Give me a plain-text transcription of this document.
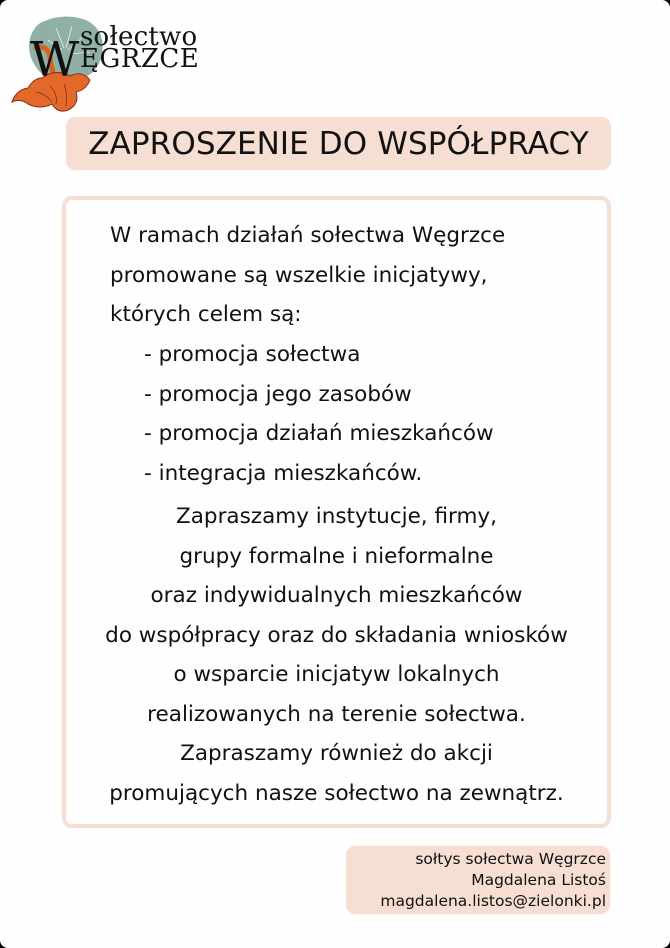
sołectwo
W ĘGRZCE
ZAPROSZENIE DO WSPÓŁPRACY
W ramach działań sołectwa Węgrzce
promowane są wszelkie inicjatywy,
których celem są:
- promocja sołectwa
- promocja jego zasobów
- promocja działań mieszkańców
- integracja mieszkańców.
Zapraszamy instytucje, firmy,
grupy formalne i nieformalne
oraz indywidualnych mieszkańców
do współpracy oraz do składania wniosków
o wsparcie inicjatyw lokalnych
realizowanych na terenie sołectwa.
Zapraszamy również do akcji
promujących nasze sołectwo na zewnątrz.
sołtys sołectwa Węgrzce
Magdalena Listoś
magdalena.listos@zielonki.pl
